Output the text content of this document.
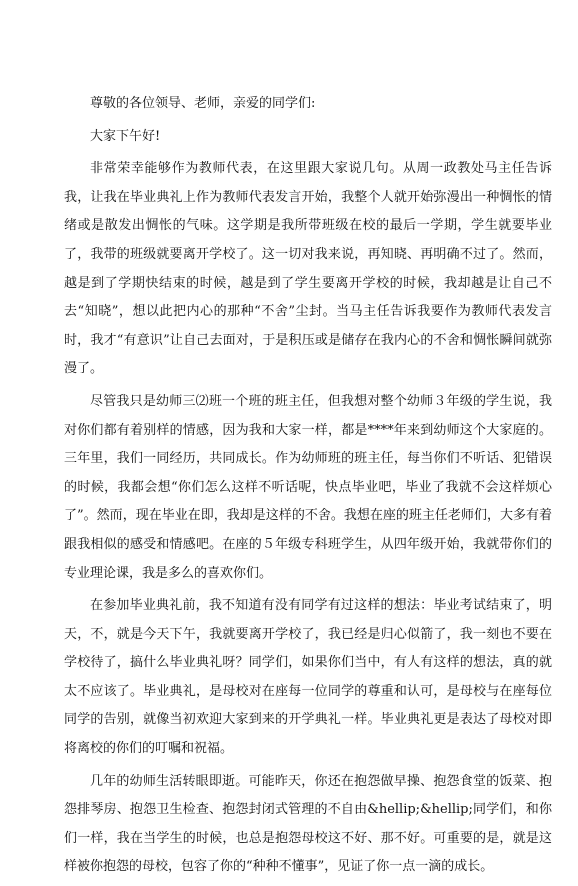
尊敬的各位领导、老师，亲爱的同学们:

大家下午好!

非常荣幸能够作为教师代表，在这里跟大家说几句。从周一政教处马主任告诉我，让我在毕业典礼上作为教师代表发言开始，我整个人就开始弥漫出一种惆怅的情绪或是散发出惆怅的气味。这学期是我所带班级在校的最后一学期，学生就要毕业了，我带的班级就要离开学校了。这一切对我来说，再知晓、再明确不过了。然而，越是到了学期快结束的时候，越是到了学生要离开学校的时候，我却越是让自己不去“知晓”，想以此把内心的那种“不舍”尘封。当马主任告诉我要作为教师代表发言时，我才“有意识”让自己去面对，于是积压或是储存在我内心的不舍和惆怅瞬间就弥漫了。

尽管我只是幼师三⑵班一个班的班主任，但我想对整个幼师３年级的学生说，我对你们都有着别样的情感，因为我和大家一样，都是****年来到幼师这个大家庭的。三年里，我们一同经历，共同成长。作为幼师班的班主任，每当你们不听话、犯错误的时候，我都会想“你们怎么这样不听话呢，快点毕业吧，毕业了我就不会这样烦心了”。然而，现在毕业在即，我却是这样的不舍。我想在座的班主任老师们，大多有着跟我相似的感受和情感吧。在座的５年级专科班学生，从四年级开始，我就带你们的专业理论课，我是多么的喜欢你们。

在参加毕业典礼前，我不知道有没有同学有过这样的想法：毕业考试结束了，明天，不，就是今天下午，我就要离开学校了，我已经是归心似箭了，我一刻也不要在学校待了，搞什么毕业典礼呀？同学们，如果你们当中，有人有这样的想法，真的就太不应该了。毕业典礼，是母校对在座每一位同学的尊重和认可，是母校与在座每位同学的告别，就像当初欢迎大家到来的开学典礼一样。毕业典礼更是表达了母校对即将离校的你们的叮嘱和祝福。

几年的幼师生活转眼即逝。可能昨天，你还在抱怨做早操、抱怨食堂的饭菜、抱怨排琴房、抱怨卫生检查、抱怨封闭式管理的不自由&hellip;&hellip;同学们，和你们一样，我在当学生的时候，也总是抱怨母校这不好、那不好。可重要的是，就是这样被你抱怨的母校，包容了你的“种种不懂事”，见证了你一点一滴的成长。
